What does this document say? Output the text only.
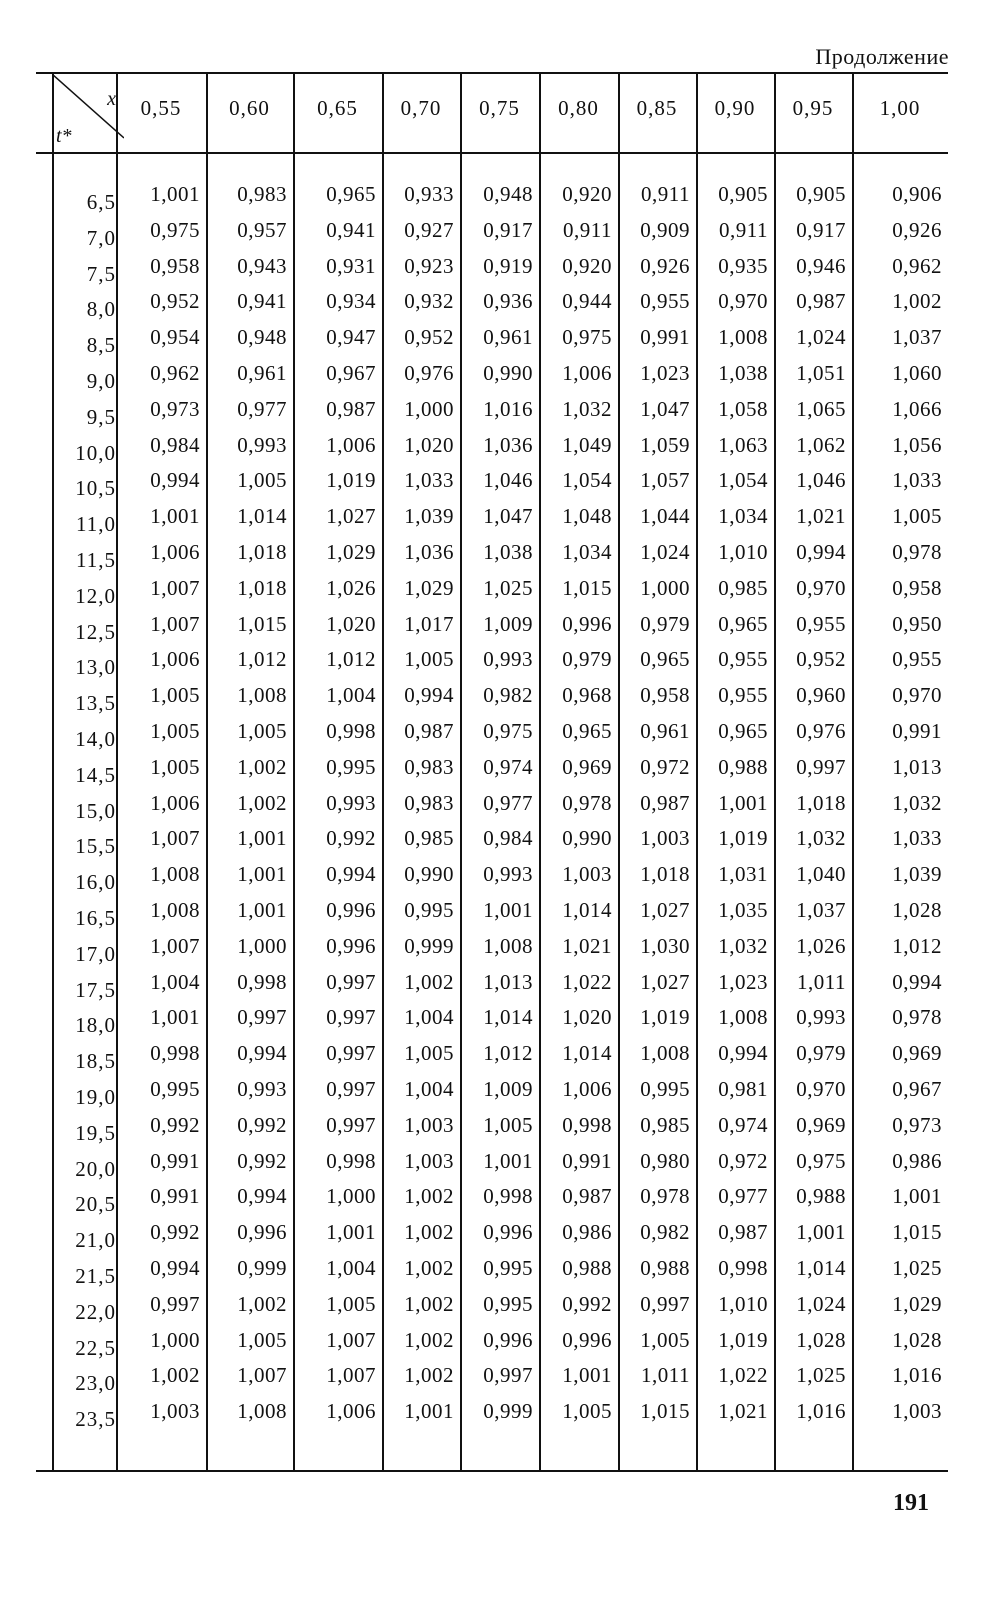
Продолжение
x
t*
0,55	0,60	0,65	0,70	0,75	0,80	0,85	0,90	0,95	1,00
6,5	1,001	0,983	0,965	0,933	0,948	0,920	0,911	0,905	0,905	0,906
7,0	0,975	0,957	0,941	0,927	0,917	0,911	0,909	0,911	0,917	0,926
7,5	0,958	0,943	0,931	0,923	0,919	0,920	0,926	0,935	0,946	0,962
8,0	0,952	0,941	0,934	0,932	0,936	0,944	0,955	0,970	0,987	1,002
8,5	0,954	0,948	0,947	0,952	0,961	0,975	0,991	1,008	1,024	1,037
9,0	0,962	0,961	0,967	0,976	0,990	1,006	1,023	1,038	1,051	1,060
9,5	0,973	0,977	0,987	1,000	1,016	1,032	1,047	1,058	1,065	1,066
10,0	0,984	0,993	1,006	1,020	1,036	1,049	1,059	1,063	1,062	1,056
10,5	0,994	1,005	1,019	1,033	1,046	1,054	1,057	1,054	1,046	1,033
11,0	1,001	1,014	1,027	1,039	1,047	1,048	1,044	1,034	1,021	1,005
11,5	1,006	1,018	1,029	1,036	1,038	1,034	1,024	1,010	0,994	0,978
12,0	1,007	1,018	1,026	1,029	1,025	1,015	1,000	0,985	0,970	0,958
12,5	1,007	1,015	1,020	1,017	1,009	0,996	0,979	0,965	0,955	0,950
13,0	1,006	1,012	1,012	1,005	0,993	0,979	0,965	0,955	0,952	0,955
13,5	1,005	1,008	1,004	0,994	0,982	0,968	0,958	0,955	0,960	0,970
14,0	1,005	1,005	0,998	0,987	0,975	0,965	0,961	0,965	0,976	0,991
14,5	1,005	1,002	0,995	0,983	0,974	0,969	0,972	0,988	0,997	1,013
15,0	1,006	1,002	0,993	0,983	0,977	0,978	0,987	1,001	1,018	1,032
15,5	1,007	1,001	0,992	0,985	0,984	0,990	1,003	1,019	1,032	1,033
16,0	1,008	1,001	0,994	0,990	0,993	1,003	1,018	1,031	1,040	1,039
16,5	1,008	1,001	0,996	0,995	1,001	1,014	1,027	1,035	1,037	1,028
17,0	1,007	1,000	0,996	0,999	1,008	1,021	1,030	1,032	1,026	1,012
17,5	1,004	0,998	0,997	1,002	1,013	1,022	1,027	1,023	1,011	0,994
18,0	1,001	0,997	0,997	1,004	1,014	1,020	1,019	1,008	0,993	0,978
18,5	0,998	0,994	0,997	1,005	1,012	1,014	1,008	0,994	0,979	0,969
19,0	0,995	0,993	0,997	1,004	1,009	1,006	0,995	0,981	0,970	0,967
19,5	0,992	0,992	0,997	1,003	1,005	0,998	0,985	0,974	0,969	0,973
20,0	0,991	0,992	0,998	1,003	1,001	0,991	0,980	0,972	0,975	0,986
20,5	0,991	0,994	1,000	1,002	0,998	0,987	0,978	0,977	0,988	1,001
21,0	0,992	0,996	1,001	1,002	0,996	0,986	0,982	0,987	1,001	1,015
21,5	0,994	0,999	1,004	1,002	0,995	0,988	0,988	0,998	1,014	1,025
22,0	0,997	1,002	1,005	1,002	0,995	0,992	0,997	1,010	1,024	1,029
22,5	1,000	1,005	1,007	1,002	0,996	0,996	1,005	1,019	1,028	1,028
23,0	1,002	1,007	1,007	1,002	0,997	1,001	1,011	1,022	1,025	1,016
23,5	1,003	1,008	1,006	1,001	0,999	1,005	1,015	1,021	1,016	1,003
191
